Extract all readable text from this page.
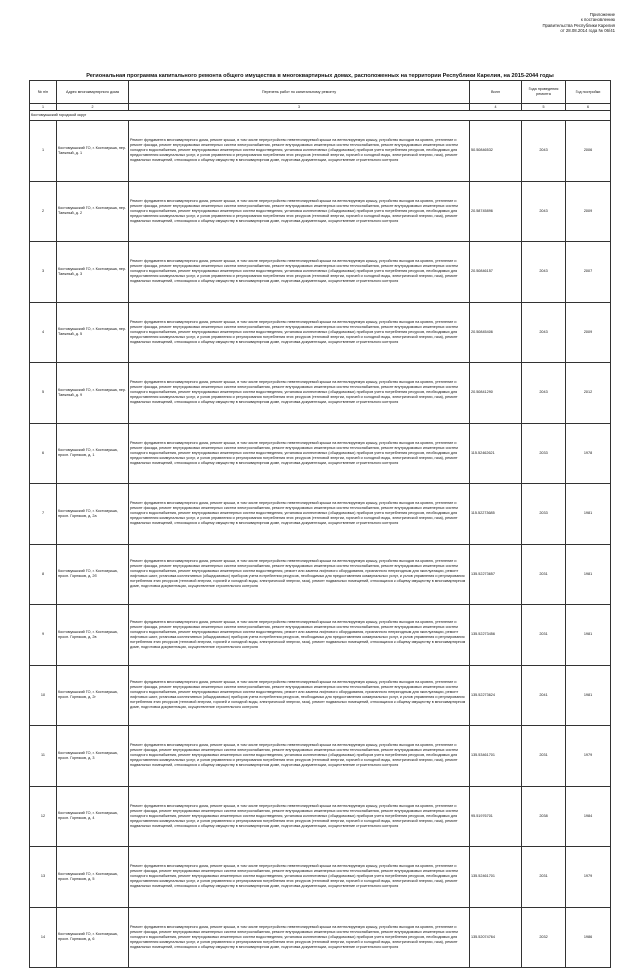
Приложение
к постановлению
Правительства Республики Карелия
от 28.08.2014 года № 06/41
Региональная программа капитального ремонта общего имущества в многоквартирных домах, расположенных на территории Республики Карелия, на 2015-2044 годы
№ п/п	Адрес многоквартирного дома	Перечень работ по капитальному ремонту	Вилл	Года проведения ремонта	Год постройки
1	2	3	4	5	6
Костомукшский городской округ					
1	Костомукшский ГО, г. Костомукша, пер. Таежный, д. 1	Ремонт фундамента многоквартирного дома, ремонт крыши, в том числе переустройство невентилируемой крыши на вентилируемую крышу, устройство выходов на кровлю, утепление и ремонт фасада, ремонт внутридомовых инженерных систем электроснабжения, ремонт внутридомовых инженерных систем теплоснабжения, ремонт внутридомовых инженерных систем холодного водоснабжения, ремонт внутридомовых инженерных систем водоотведения, установка коллективных (общедомовых) приборов учета потребления ресурсов, необходимых для предоставления коммунальных услуг, и узлов управления и регулирования потребления этих ресурсов (тепловой энергии, горячей и холодной воды, электрической энергии, газа), ремонт подвальных помещений, относящихся к общему имуществу в многоквартирном доме, подготовка документации, осуществление строительного контроля	50.50846532	2043	2006
2	Костомукшский ГО, г. Костомукша, пер. Таежный, д. 2	Ремонт фундамента многоквартирного дома, ремонт крыши, в том числе переустройство невентилируемой крыши на вентилируемую крышу, устройство выходов на кровлю, утепление и ремонт фасада, ремонт внутридомовых инженерных систем электроснабжения, ремонт внутридомовых инженерных систем теплоснабжения, ремонт внутридомовых инженерных систем холодного водоснабжения, ремонт внутридомовых инженерных систем водоотведения, установка коллективных (общедомовых) приборов учета потребления ресурсов, необходимых для предоставления коммунальных услуг, и узлов управления и регулирования потребления этих ресурсов (тепловой энергии, горячей и холодной воды, электрической энергии, газа), ремонт подвальных помещений, относящихся к общему имуществу в многоквартирном доме, подготовка документации, осуществление строительного контроля	20.58745896	2043	2009
3	Костомукшский ГО, г. Костомукша, пер. Таежный, д. 3	Ремонт фундамента многоквартирного дома, ремонт крыши, в том числе переустройство невентилируемой крыши на вентилируемую крышу, устройство выходов на кровлю, утепление и ремонт фасада, ремонт внутридомовых инженерных систем электроснабжения, ремонт внутридомовых инженерных систем теплоснабжения, ремонт внутридомовых инженерных систем холодного водоснабжения, ремонт внутридомовых инженерных систем водоотведения, установка коллективных (общедомовых) приборов учета потребления ресурсов, необходимых для предоставления коммунальных услуг, и узлов управления и регулирования потребления этих ресурсов (тепловой энергии, горячей и холодной воды, электрической энергии, газа), ремонт подвальных помещений, относящихся к общему имуществу в многоквартирном доме, подготовка документации, осуществление строительного контроля	20.50846157	2043	2007
4	Костомукшский ГО, г. Костомукша, пер. Таежный, д. 5	Ремонт фундамента многоквартирного дома, ремонт крыши, в том числе переустройство невентилируемой крыши на вентилируемую крышу, устройство выходов на кровлю, утепление и ремонт фасада, ремонт внутридомовых инженерных систем электроснабжения, ремонт внутридомовых инженерных систем теплоснабжения, ремонт внутридомовых инженерных систем холодного водоснабжения, ремонт внутридомовых инженерных систем водоотведения, установка коллективных (общедомовых) приборов учета потребления ресурсов, необходимых для предоставления коммунальных услуг, и узлов управления и регулирования потребления этих ресурсов (тепловой энергии, горячей и холодной воды, электрической энергии, газа), ремонт подвальных помещений, относящихся к общему имуществу в многоквартирном доме, подготовка документации, осуществление строительного контроля	20.50845406	2043	2009
5	Костомукшский ГО, г. Костомукша, пер. Таежный, д. 9	Ремонт фундамента многоквартирного дома, ремонт крыши, в том числе переустройство невентилируемой крыши на вентилируемую крышу, устройство выходов на кровлю, утепление и ремонт фасада, ремонт внутридомовых инженерных систем электроснабжения, ремонт внутридомовых инженерных систем теплоснабжения, ремонт внутридомовых инженерных систем холодного водоснабжения, ремонт внутридомовых инженерных систем водоотведения, установка коллективных (общедомовых) приборов учета потребления ресурсов, необходимых для предоставления коммунальных услуг, и узлов управления и регулирования потребления этих ресурсов (тепловой энергии, горячей и холодной воды, электрической энергии, газа), ремонт подвальных помещений, относящихся к общему имуществу в многоквартирном доме, подготовка документации, осуществление строительного контроля	20.50841290	2043	2012
6	Костомукшский ГО, г. Костомукша, просп. Горняков, д. 1	Ремонт фундамента многоквартирного дома, ремонт крыши, в том числе переустройство невентилируемой крыши на вентилируемую крышу, устройство выходов на кровлю, утепление и ремонт фасада, ремонт внутридомовых инженерных систем электроснабжения, ремонт внутридомовых инженерных систем теплоснабжения, ремонт внутридомовых инженерных систем холодного водоснабжения, ремонт внутридомовых инженерных систем водоотведения, установка коллективных (общедомовых) приборов учета потребления ресурсов, необходимых для предоставления коммунальных услуг, и узлов управления и регулирования потребления этих ресурсов (тепловой энергии, горячей и холодной воды, электрической энергии, газа), ремонт подвальных помещений, относящихся к общему имуществу в многоквартирном доме, подготовка документации, осуществление строительного контроля	115.52462621	2033	1978
7	Костомукшский ГО, г. Костомукша, просп. Горняков, д. 2а	Ремонт фундамента многоквартирного дома, ремонт крыши, в том числе переустройство невентилируемой крыши на вентилируемую крышу, устройство выходов на кровлю, утепление и ремонт фасада, ремонт внутридомовых инженерных систем электроснабжения, ремонт внутридомовых инженерных систем теплоснабжения, ремонт внутридомовых инженерных систем холодного водоснабжения, ремонт внутридомовых инженерных систем водоотведения, установка коллективных (общедомовых) приборов учета потребления ресурсов, необходимых для предоставления коммунальных услуг, и узлов управления и регулирования потребления этих ресурсов (тепловой энергии, горячей и холодной воды, электрической энергии, газа), ремонт подвальных помещений, относящихся к общему имуществу в многоквартирном доме, подготовка документации, осуществление строительного контроля	115.52273685	2033	1981
8	Костомукшский ГО, г. Костомукша, просп. Горняков, д. 2б	Ремонт фундамента многоквартирного дома, ремонт крыши, в том числе переустройство невентилируемой крыши на вентилируемую крышу, устройство выходов на кровлю, утепление и ремонт фасада, ремонт внутридомовых инженерных систем электроснабжения, ремонт внутридомовых инженерных систем теплоснабжения, ремонт внутридомовых инженерных систем холодного водоснабжения, ремонт внутридомовых инженерных систем водоотведения, ремонт или замена лифтового оборудования, признанного непригодным для эксплуатации, ремонт лифтовых шахт, установка коллективных (общедомовых) приборов учета потребления ресурсов, необходимых для предоставления коммунальных услуг, и узлов управления и регулирования потребления этих ресурсов (тепловой энергии, горячей и холодной воды, электрической энергии, газа), ремонт подвальных помещений, относящихся к общему имуществу в многоквартирном доме, подготовка документации, осуществление строительного контроля	135.52273657	2031	1981
9	Костомукшский ГО, г. Костомукша, просп. Горняков, д. 2в	Ремонт фундамента многоквартирного дома, ремонт крыши, в том числе переустройство невентилируемой крыши на вентилируемую крышу, устройство выходов на кровлю, утепление и ремонт фасада, ремонт внутридомовых инженерных систем электроснабжения, ремонт внутридомовых инженерных систем теплоснабжения, ремонт внутридомовых инженерных систем холодного водоснабжения, ремонт внутридомовых инженерных систем водоотведения, ремонт или замена лифтового оборудования, признанного непригодным для эксплуатации, ремонт лифтовых шахт, установка коллективных (общедомовых) приборов учета потребления ресурсов, необходимых для предоставления коммунальных услуг, и узлов управления и регулирования потребления этих ресурсов (тепловой энергии, горячей и холодной воды, электрической энергии, газа), ремонт подвальных помещений, относящихся к общему имуществу в многоквартирном доме, подготовка документации, осуществление строительного контроля	135.52273456	2031	1981
10	Костомукшский ГО, г. Костомукша, просп. Горняков, д. 2г	Ремонт фундамента многоквартирного дома, ремонт крыши, в том числе переустройство невентилируемой крыши на вентилируемую крышу, устройство выходов на кровлю, утепление и ремонт фасада, ремонт внутридомовых инженерных систем электроснабжения, ремонт внутридомовых инженерных систем теплоснабжения, ремонт внутридомовых инженерных систем холодного водоснабжения, ремонт внутридомовых инженерных систем водоотведения, ремонт или замена лифтового оборудования, признанного непригодным для эксплуатации, ремонт лифтовых шахт, установка коллективных (общедомовых) приборов учета потребления ресурсов, необходимых для предоставления коммунальных услуг, и узлов управления и регулирования потребления этих ресурсов (тепловой энергии, горячей и холодной воды, электрической энергии, газа), ремонт подвальных помещений, относящихся к общему имуществу в многоквартирном доме, подготовка документации, осуществление строительного контроля	135.52273624	2041	1981
11	Костомукшский ГО, г. Костомукша, просп. Горняков, д. 3	Ремонт фундамента многоквартирного дома, ремонт крыши, в том числе переустройство невентилируемой крыши на вентилируемую крышу, устройство выходов на кровлю, утепление и ремонт фасада, ремонт внутридомовых инженерных систем электроснабжения, ремонт внутридомовых инженерных систем теплоснабжения, ремонт внутридомовых инженерных систем холодного водоснабжения, ремонт внутридомовых инженерных систем водоотведения, установка коллективных (общедомовых) приборов учета потребления ресурсов, необходимых для предоставления коммунальных услуг, и узлов управления и регулирования потребления этих ресурсов (тепловой энергии, горячей и холодной воды, электрической энергии, газа), ремонт подвальных помещений, относящихся к общему имуществу в многоквартирном доме, подготовка документации, осуществление строительного контроля	135.53461701	2031	1979
12	Костомукшский ГО, г. Костомукша, просп. Горняков, д. 4	Ремонт фундамента многоквартирного дома, ремонт крыши, в том числе переустройство невентилируемой крыши на вентилируемую крышу, устройство выходов на кровлю, утепление и ремонт фасада, ремонт внутридомовых инженерных систем электроснабжения, ремонт внутридомовых инженерных систем теплоснабжения, ремонт внутридомовых инженерных систем холодного водоснабжения, ремонт внутридомовых инженерных систем водоотведения, установка коллективных (общедомовых) приборов учета потребления ресурсов, необходимых для предоставления коммунальных услуг, и узлов управления и регулирования потребления этих ресурсов (тепловой энергии, горячей и холодной воды, электрической энергии, газа), ремонт подвальных помещений, относящихся к общему имуществу в многоквартирном доме, подготовка документации, осуществление строительного контроля	95.51976701	2038	1984
13	Костомукшский ГО, г. Костомукша, просп. Горняков, д. 5	Ремонт фундамента многоквартирного дома, ремонт крыши, в том числе переустройство невентилируемой крыши на вентилируемую крышу, устройство выходов на кровлю, утепление и ремонт фасада, ремонт внутридомовых инженерных систем электроснабжения, ремонт внутридомовых инженерных систем теплоснабжения, ремонт внутридомовых инженерных систем холодного водоснабжения, ремонт внутридомовых инженерных систем водоотведения, установка коллективных (общедомовых) приборов учета потребления ресурсов, необходимых для предоставления коммунальных услуг, и узлов управления и регулирования потребления этих ресурсов (тепловой энергии, горячей и холодной воды, электрической энергии, газа), ремонт подвальных помещений, относящихся к общему имуществу в многоквартирном доме, подготовка документации, осуществление строительного контроля	135.52461701	2031	1979
14	Костомукшский ГО, г. Костомукша, просп. Горняков, д. 6	Ремонт фундамента многоквартирного дома, ремонт крыши, в том числе переустройство невентилируемой крыши на вентилируемую крышу, устройство выходов на кровлю, утепление и ремонт фасада, ремонт внутридомовых инженерных систем электроснабжения, ремонт внутридомовых инженерных систем теплоснабжения, ремонт внутридомовых инженерных систем холодного водоснабжения, ремонт внутридомовых инженерных систем водоотведения, установка коллективных (общедомовых) приборов учета потребления ресурсов, необходимых для предоставления коммунальных услуг, и узлов управления и регулирования потребления этих ресурсов (тепловой энергии, горячей и холодной воды, электрической энергии, газа), ремонт подвальных помещений, относящихся к общему имуществу в многоквартирном доме, подготовка документации, осуществление строительного контроля	135.52074764	2032	1986
